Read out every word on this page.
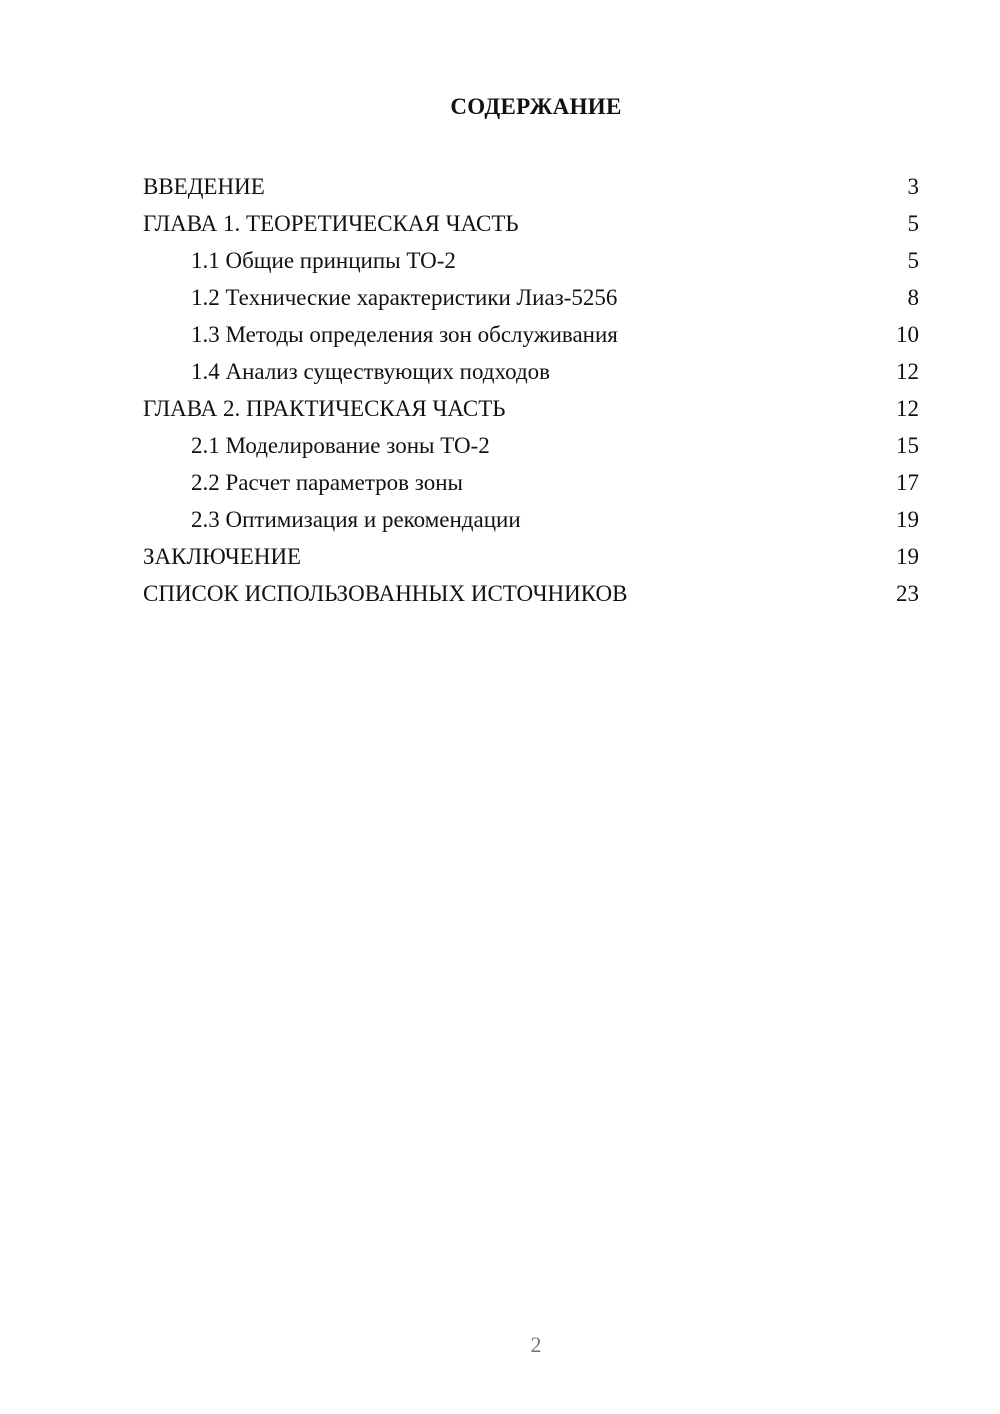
СОДЕРЖАНИЕ
ВВЕДЕНИЕ	3
ГЛАВА 1. ТЕОРЕТИЧЕСКАЯ ЧАСТЬ	5
1.1 Общие принципы ТО-2	5
1.2 Технические характеристики Лиаз-5256	8
1.3 Методы определения зон обслуживания	10
1.4 Анализ существующих подходов	12
ГЛАВА 2. ПРАКТИЧЕСКАЯ ЧАСТЬ	12
2.1 Моделирование зоны ТО-2	15
2.2 Расчет параметров зоны	17
2.3 Оптимизация и рекомендации	19
ЗАКЛЮЧЕНИЕ	19
СПИСОК ИСПОЛЬЗОВАННЫХ ИСТОЧНИКОВ	23
2
